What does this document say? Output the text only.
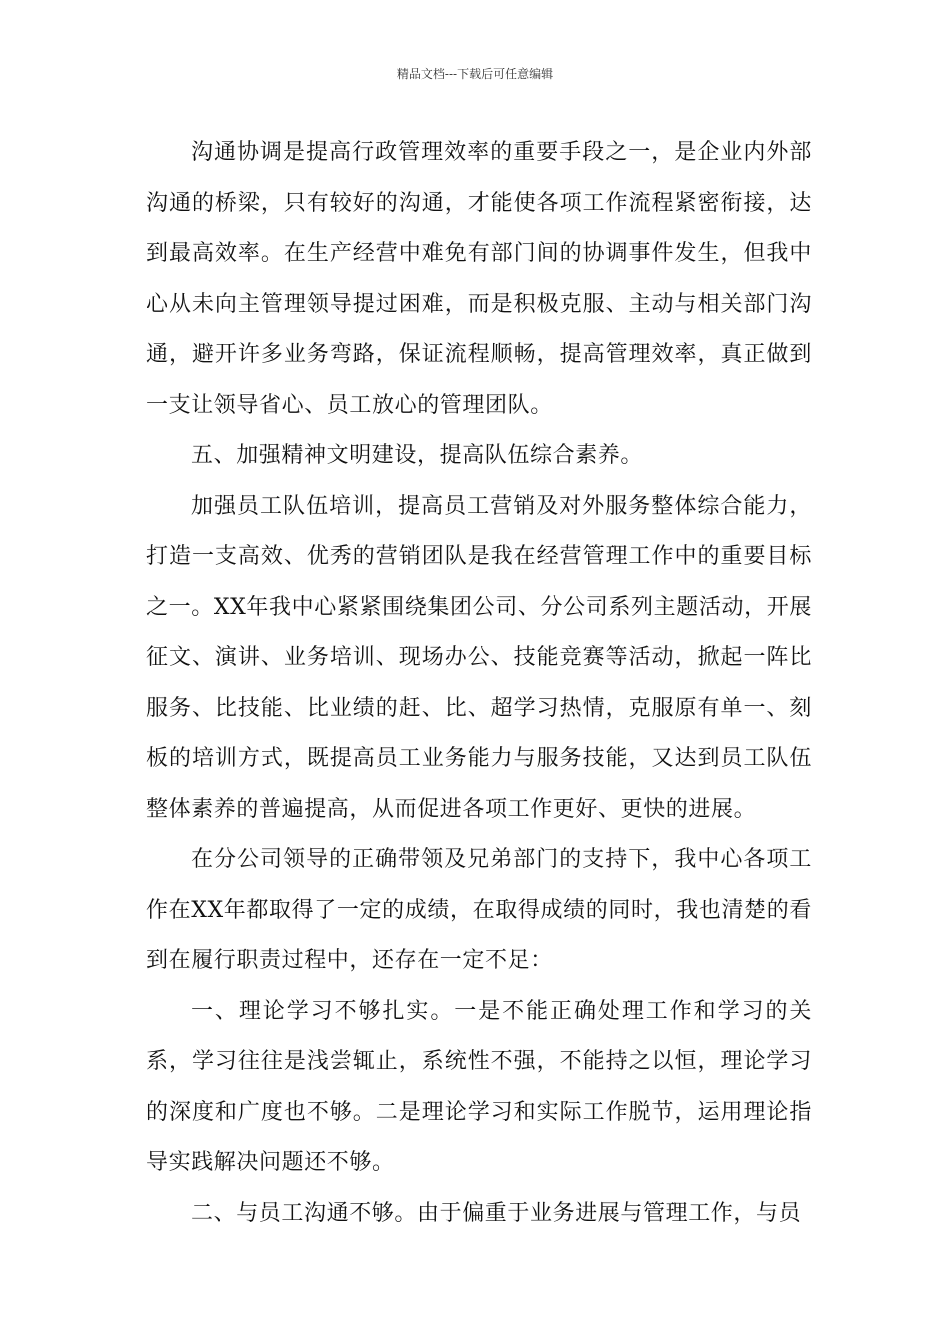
精品文档---下载后可任意编辑

沟通协调是提高行政管理效率的重要手段之一，是企业内外部沟通的桥梁，只有较好的沟通，才能使各项工作流程紧密衔接，达到最高效率。在生产经营中难免有部门间的协调事件发生，但我中心从未向主管理领导提过困难，而是积极克服、主动与相关部门沟通，避开许多业务弯路，保证流程顺畅，提高管理效率，真正做到一支让领导省心、员工放心的管理团队。

五、加强精神文明建设，提高队伍综合素养。

加强员工队伍培训，提高员工营销及对外服务整体综合能力，打造一支高效、优秀的营销团队是我在经营管理工作中的重要目标之一。XX年我中心紧紧围绕集团公司、分公司系列主题活动，开展征文、演讲、业务培训、现场办公、技能竞赛等活动，掀起一阵比服务、比技能、比业绩的赶、比、超学习热情，克服原有单一、刻板的培训方式，既提高员工业务能力与服务技能，又达到员工队伍整体素养的普遍提高，从而促进各项工作更好、更快的进展。

在分公司领导的正确带领及兄弟部门的支持下，我中心各项工作在XX年都取得了一定的成绩，在取得成绩的同时，我也清楚的看到在履行职责过程中，还存在一定不足：

一、理论学习不够扎实。一是不能正确处理工作和学习的关系，学习往往是浅尝辄止，系统性不强，不能持之以恒，理论学习的深度和广度也不够。二是理论学习和实际工作脱节，运用理论指导实践解决问题还不够。

二、与员工沟通不够。由于偏重于业务进展与管理工作，与员
